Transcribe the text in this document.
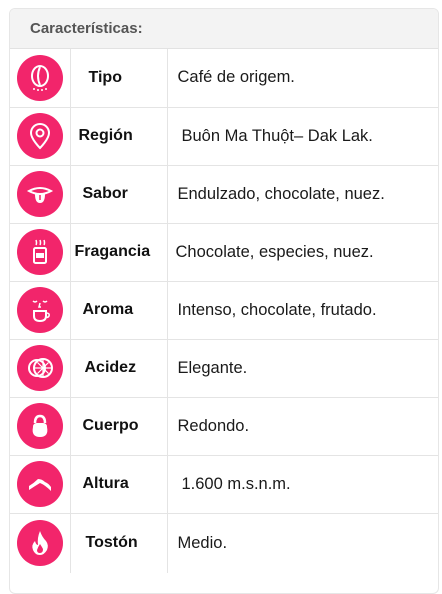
Características:
	Tipo	Café de origem.

	Región	Buôn Ma Thuột– Dak Lak.

	Sabor	Endulzado, chocolate, nuez.

	Fragancia	Chocolate, especies, nuez.

	Aroma	Intenso, chocolate, frutado.

	Acidez	Elegante.

	Cuerpo	Redondo.

	Altura	1.600 m.s.n.m.

	Tostón	Medio.
